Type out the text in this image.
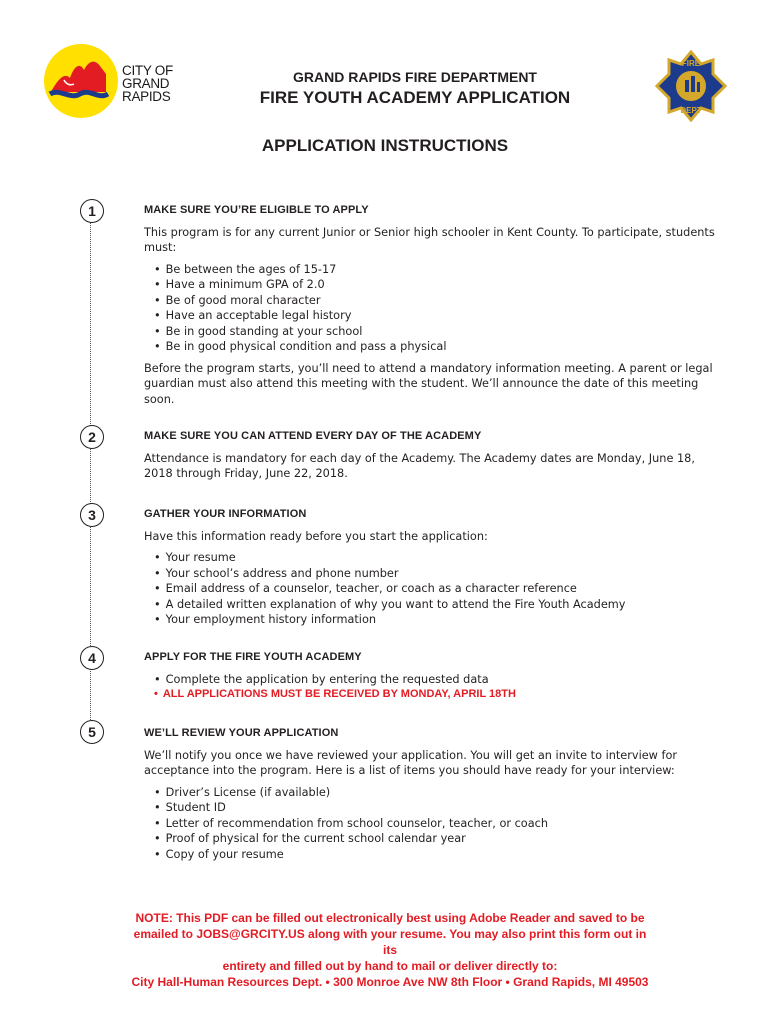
CITY OF
GRAND
RAPIDS
GRAND RAPIDS FIRE DEPARTMENT
FIRE YOUTH ACADEMY APPLICATION
FIRE
DEPT
APPLICATION INSTRUCTIONS
1
2
3
4
5
MAKE SURE YOU’RE ELIGIBLE TO APPLY

This program is for any current Junior or Senior high schooler in Kent County. To participate, students must:

• Be between the ages of 15-17
• Have a minimum GPA of 2.0
• Be of good moral character
• Have an acceptable legal history
• Be in good standing at your school
• Be in good physical condition and pass a physical

Before the program starts, you’ll need to attend a mandatory information meeting. A parent or legal guardian must also attend this meeting with the student. We’ll announce the date of this meeting soon.

MAKE SURE YOU CAN ATTEND EVERY DAY OF THE ACADEMY

Attendance is mandatory for each day of the Academy. The Academy dates are Monday, June 18, 2018 through Friday, June 22, 2018.

GATHER YOUR INFORMATION

Have this information ready before you start the application:

• Your resume
• Your school’s address and phone number
• Email address of a counselor, teacher, or coach as a character reference
• A detailed written explanation of why you want to attend the Fire Youth Academy
• Your employment history information
APPLY FOR THE FIRE YOUTH ACADEMY
• Complete the application by entering the requested data
• ALL APPLICATIONS MUST BE RECEIVED BY MONDAY, APRIL 18TH
WE’LL REVIEW YOUR APPLICATION

We’ll notify you once we have reviewed your application. You will get an invite to interview for acceptance into the program. Here is a list of items you should have ready for your interview:

• Driver’s License (if available)
• Student ID
• Letter of recommendation from school counselor, teacher, or coach
• Proof of physical for the current school calendar year
• Copy of your resume
NOTE: This PDF can be filled out electronically best using Adobe Reader and saved to be
emailed to JOBS@GRCITY.US along with your resume. You may also print this form out in its
entirety and filled out by hand to mail or deliver directly to:
City Hall-Human Resources Dept. • 300 Monroe Ave NW 8th Floor • Grand Rapids, MI 49503
